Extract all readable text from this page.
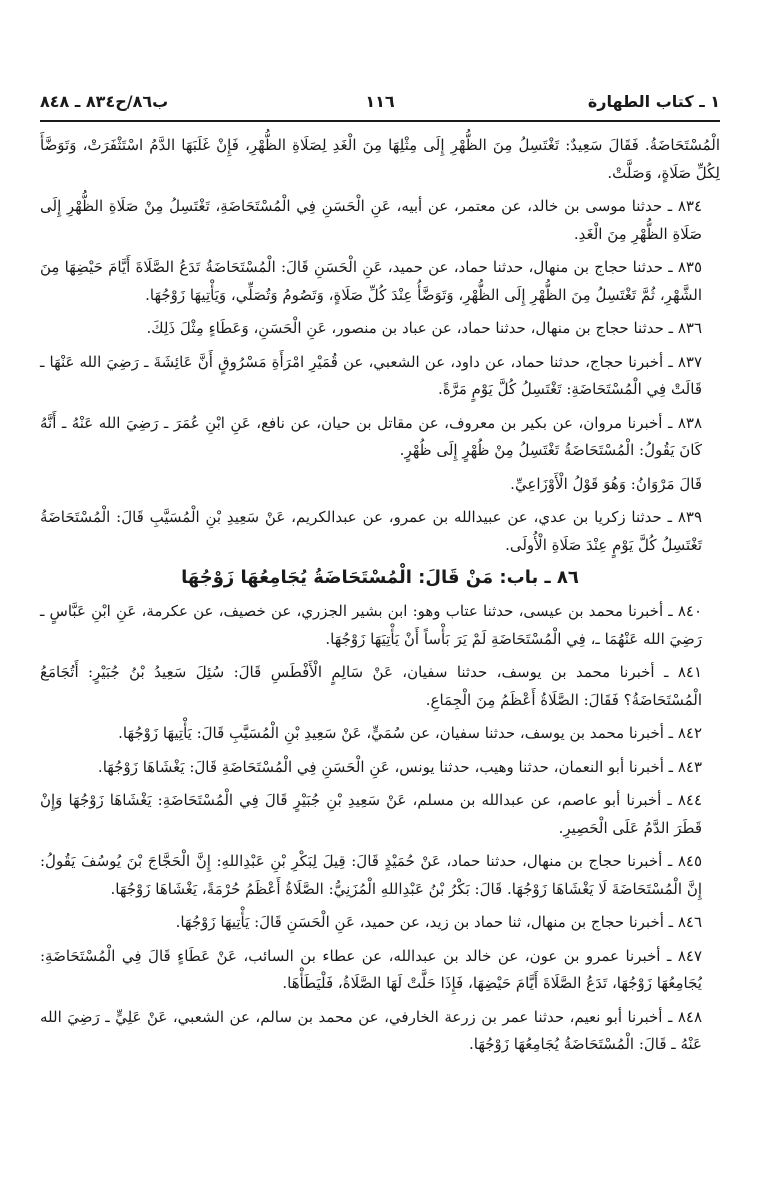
١ ـ كتاب الطهارة
١١٦
ب٨٦/ح٨٣٤ ـ ٨٤٨

الْمُسْتَحَاضَةُ. فَقَالَ سَعِيدٌ: تَغْتَسِلُ مِنَ الظُّهْرِ إِلَى مِثْلِهَا مِنَ الْغَدِ لِصَلَاةِ الظُّهْرِ، فَإِنْ غَلَبَهَا الدَّمُ اسْتَثْفَرَتْ، وَتَوَضَّأَ لِكُلِّ صَلَاةٍ، وَصَلَّتْ.

٨٣٤ ـ حدثنا موسى بن خالد، عن معتمر، عن أبيه، عَنِ الْحَسَنِ فِي الْمُسْتَحَاضَةِ، تَغْتَسِلُ مِنْ صَلَاةِ الظُّهْرِ إِلَى صَلَاةِ الظُّهْرِ مِنَ الْغَدِ.

٨٣٥ ـ حدثنا حجاج بن منهال، حدثنا حماد، عن حميد، عَنِ الْحَسَنِ قَالَ: الْمُسْتَحَاضَةُ تَدَعُ الصَّلَاةَ أَيَّامَ حَيْضِهَا مِنَ الشَّهْرِ، ثُمَّ تَغْتَسِلُ مِنَ الظُّهْرِ إِلَى الظُّهْرِ، وَتَوَضَّأُ عِنْدَ كُلِّ صَلَاةٍ، وَتَصُومُ وَتُصَلِّي، وَيَأْتِيهَا زَوْجُهَا.

٨٣٦ ـ حدثنا حجاج بن منهال، حدثنا حماد، عن عباد بن منصور، عَنِ الْحَسَنِ، وَعَطَاءٍ مِثْلَ ذَلِكَ.

٨٣٧ ـ أخبرنا حجاج، حدثنا حماد، عن داود، عن الشعبي، عن قُمَيْرِ امْرَأَةِ مَسْرُوقٍ أَنَّ عَائِشَةَ ـ رَضِيَ الله عَنْهَا ـ قَالَتْ فِي الْمُسْتَحَاضَةِ: تَغْتَسِلُ كُلَّ يَوْمٍ مَرَّةً.

٨٣٨ ـ أخبرنا مروان، عن بكير بن معروف، عن مقاتل بن حيان، عن نافع، عَنِ ابْنِ عُمَرَ ـ رَضِيَ الله عَنْهُ ـ أَنَّهُ كَانَ يَقُولُ: الْمُسْتَحَاضَةُ تَغْتَسِلُ مِنْ ظُهْرٍ إِلَى ظُهْرٍ.

قَالَ مَرْوَانُ: وَهُوَ قَوْلُ الْأَوْزَاعِيِّ.

٨٣٩ ـ حدثنا زكريا بن عدي، عن عبيدالله بن عمرو، عن عبدالكريم، عَنْ سَعِيدِ بْنِ الْمُسَيَّبِ قَالَ: الْمُسْتَحَاضَةُ تَغْتَسِلُ كُلَّ يَوْمٍ عِنْدَ صَلَاةِ الْأُولَى.

٨٦ ـ باب: مَنْ قَالَ: الْمُسْتَحَاضَةُ يُجَامِعُهَا زَوْجُهَا

٨٤٠ ـ أخبرنا محمد بن عيسى، حدثنا عتاب وهو: ابن بشير الجزري، عن خصيف، عن عكرمة، عَنِ ابْنِ عَبَّاسٍ ـ رَضِيَ الله عَنْهُمَا ـ، فِي الْمُسْتَحَاضَةِ لَمْ يَرَ بَأْساً أَنْ يَأْتِيَهَا زَوْجُهَا.

٨٤١ ـ أخبرنا محمد بن يوسف، حدثنا سفيان، عَنْ سَالِمٍ الْأَفْطَسِ قَالَ: سُئِلَ سَعِيدُ بْنُ جُبَيْرٍ: أَتُجَامَعُ الْمُسْتَحَاضَةُ؟ فَقَالَ: الصَّلَاةُ أَعْظَمُ مِنَ الْجِمَاعِ.

٨٤٢ ـ أخبرنا محمد بن يوسف، حدثنا سفيان، عن سُمَيٍّ، عَنْ سَعِيدِ بْنِ الْمُسَيَّبِ قَالَ: يَأْتِيهَا زَوْجُهَا.

٨٤٣ ـ أخبرنا أبو النعمان، حدثنا وهيب، حدثنا يونس، عَنِ الْحَسَنِ فِي الْمُسْتَحَاضَةِ قَالَ: يَغْشَاهَا زَوْجُهَا.

٨٤٤ ـ أخبرنا أبو عاصم، عن عبدالله بن مسلم، عَنْ سَعِيدِ بْنِ جُبَيْرٍ قَالَ فِي الْمُسْتَحَاضَةِ: يَغْشَاهَا زَوْجُهَا وَإِنْ قَطَرَ الدَّمُ عَلَى الْحَصِيرِ.

٨٤٥ ـ أخبرنا حجاج بن منهال، حدثنا حماد، عَنْ حُمَيْدٍ قَالَ: قِيلَ لِبَكْرِ بْنِ عَبْدِاللهِ: إِنَّ الْحَجَّاجَ بْنَ يُوسُفَ يَقُولُ: إِنَّ الْمُسْتَحَاضَةَ لَا يَغْشَاهَا زَوْجُهَا. قَالَ: بَكْرُ بْنُ عَبْدِاللهِ الْمُزَنِيُّ: الصَّلَاةُ أَعْظَمُ حُرْمَةً، يَغْشَاهَا زَوْجُهَا.

٨٤٦ ـ أخبرنا حجاج بن منهال، ثنا حماد بن زيد، عن حميد، عَنِ الْحَسَنِ قَالَ: يَأْتِيهَا زَوْجُهَا.

٨٤٧ ـ أخبرنا عمرو بن عون، عن خالد بن عبدالله، عن عطاء بن السائب، عَنْ عَطَاءٍ قَالَ فِي الْمُسْتَحَاضَةِ: يُجَامِعُهَا زَوْجُهَا، تَدَعُ الصَّلَاةَ أَيَّامَ حَيْضِهَا، فَإِذَا حَلَّتْ لَهَا الصَّلَاةُ، فَلْيَطَأْهَا.

٨٤٨ ـ أخبرنا أبو نعيم، حدثنا عمر بن زرعة الخارفي، عن محمد بن سالم، عن الشعبي، عَنْ عَلِيٍّ ـ رَضِيَ الله عَنْهُ ـ قَالَ: الْمُسْتَحَاضَةُ يُجَامِعُهَا زَوْجُهَا.
